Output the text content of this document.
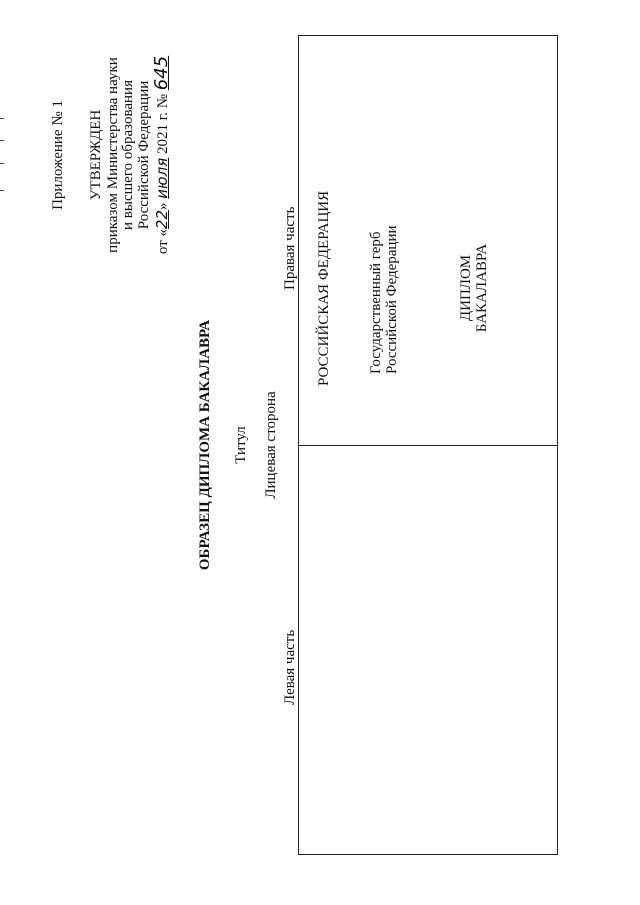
Приложение № 1 УТВЕРЖДЕН приказом Министерства науки и высшего образования Российской Федерации
от «22» июля 2021 г. № 645
ОБРАЗЕЦ ДИПЛОМА БАКАЛАВРА Титул Лицевая сторона
Левая часть
Правая часть РОССИЙСКАЯ ФЕДЕРАЦИЯ Государственный герб Российской Федерации	ДИПЛОМ БАКАЛАВРА
